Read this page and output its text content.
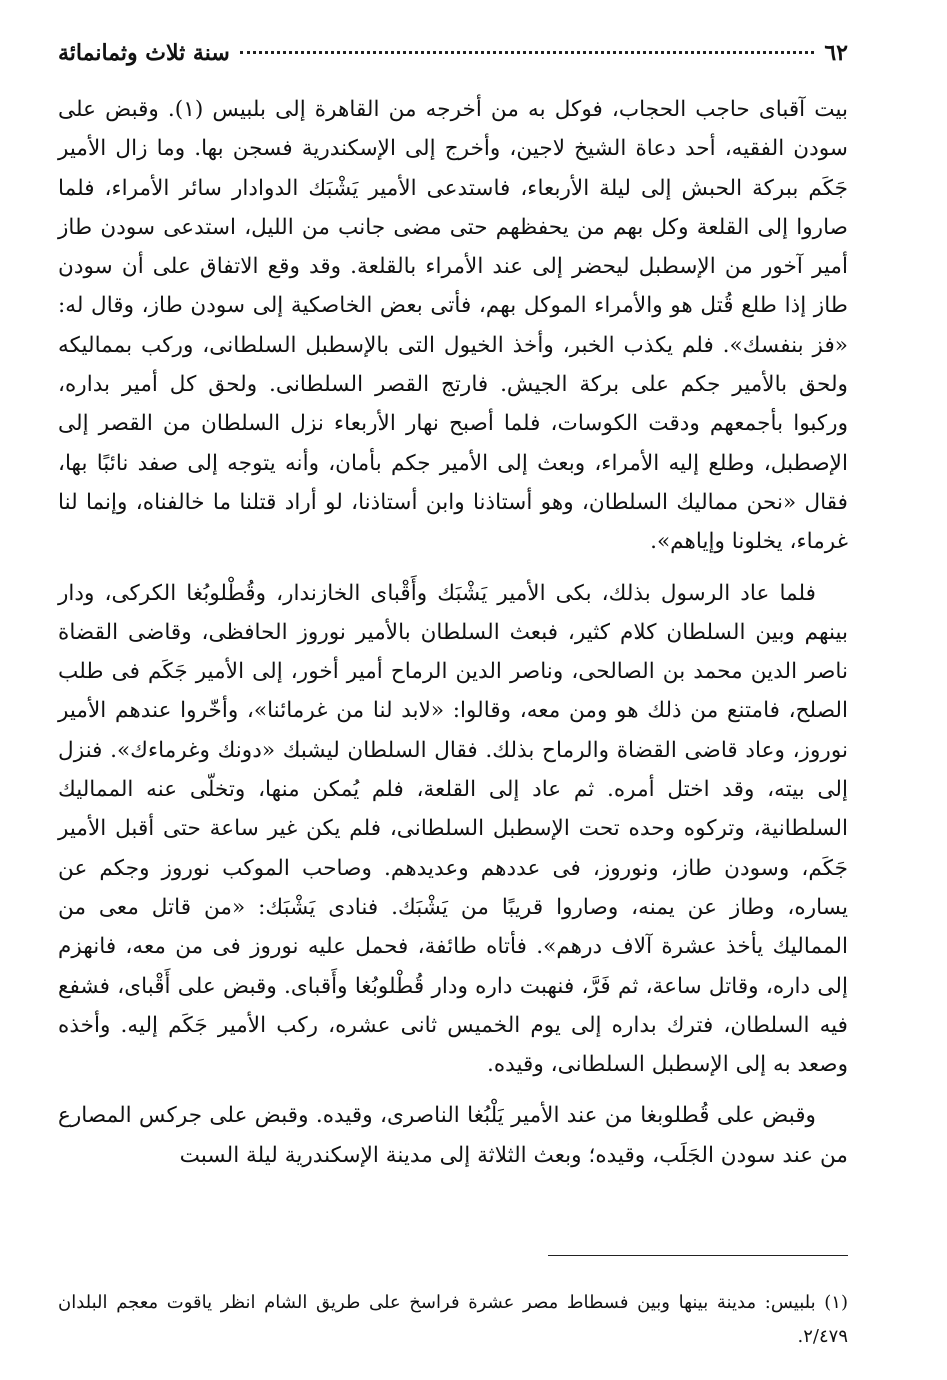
٦٢
سنة ثلاث وثمانمائة

بيت آقباى حاجب الحجاب، فوكل به من أخرجه من القاهرة إلى بلبيس (١). وقبض على سودن الفقيه، أحد دعاة الشيخ لاجين، وأخرج إلى الإسكندرية فسجن بها. وما زال الأمير جَكَم ببركة الحبش إلى ليلة الأربعاء، فاستدعى الأمير يَشْبَك الدوادار سائر الأمراء، فلما صاروا إلى القلعة وكل بهم من يحفظهم حتى مضى جانب من الليل، استدعى سودن طاز أمير آخور من الإسطبل ليحضر إلى عند الأمراء بالقلعة. وقد وقع الاتفاق على أن سودن طاز إذا طلع قُتل هو والأمراء الموكل بهم، فأتى بعض الخاصكية إلى سودن طاز، وقال له: «فز بنفسك». فلم يكذب الخبر، وأخذ الخيول التى بالإسطبل السلطانى، وركب بمماليكه ولحق بالأمير جكم على بركة الجيش. فارتج القصر السلطانى. ولحق كل أمير بداره، وركبوا بأجمعهم ودقت الكوسات، فلما أصبح نهار الأربعاء نزل السلطان من القصر إلى الإصطبل، وطلع إليه الأمراء، وبعث إلى الأمير جكم بأمان، وأنه يتوجه إلى صفد نائبًا بها، فقال «نحن مماليك السلطان، وهو أستاذنا وابن أستاذنا، لو أراد قتلنا ما خالفناه، وإنما لنا غرماء، يخلونا وإياهم».

فلما عاد الرسول بذلك، بكى الأمير يَشْبَك وأَقْباى الخازندار، وقُطْلوبُغا الكركى، ودار بينهم وبين السلطان كلام كثير، فبعث السلطان بالأمير نوروز الحافظى، وقاضى القضاة ناصر الدين محمد بن الصالحى، وناصر الدين الرماح أمير أخور، إلى الأمير جَكَم فى طلب الصلح، فامتنع من ذلك هو ومن معه، وقالوا: «لابد لنا من غرمائنا»، وأخّروا عندهم الأمير نوروز، وعاد قاضى القضاة والرماح بذلك. فقال السلطان ليشبك «دونك وغرماءك». فنزل إلى بيته، وقد اختل أمره. ثم عاد إلى القلعة، فلم يُمكن منها، وتخلّى عنه المماليك السلطانية، وتركوه وحده تحت الإسطبل السلطانى، فلم يكن غير ساعة حتى أقبل الأمير جَكَم، وسودن طاز، ونوروز، فى عددهم وعديدهم. وصاحب الموكب نوروز وجكم عن يساره، وطاز عن يمنه، وصاروا قريبًا من يَشْبَك. فنادى يَشْبَك: «من قاتل معى من المماليك يأخذ عشرة آلاف درهم». فأتاه طائفة، فحمل عليه نوروز فى من معه، فانهزم إلى داره، وقاتل ساعة، ثم فَرَّ، فنهبت داره ودار قُطْلوبُغا وأَقباى. وقبض على أَقْباى، فشفع فيه السلطان، فترك بداره إلى يوم الخميس ثانى عشره، ركب الأمير جَكَم إليه. وأخذه وصعد به إلى الإسطبل السلطانى، وقيده.

وقبض على قُطلوبغا من عند الأمير يَلْبُغا الناصرى، وقيده. وقبض على جركس المصارع من عند سودن الجَلَب، وقيده؛ وبعث الثلاثة إلى مدينة الإسكندرية ليلة السبت

(١) بلبيس: مدينة بينها وبين فسطاط مصر عشرة فراسخ على طريق الشام انظر ياقوت معجم البلدان ٢/٤٧٩.
